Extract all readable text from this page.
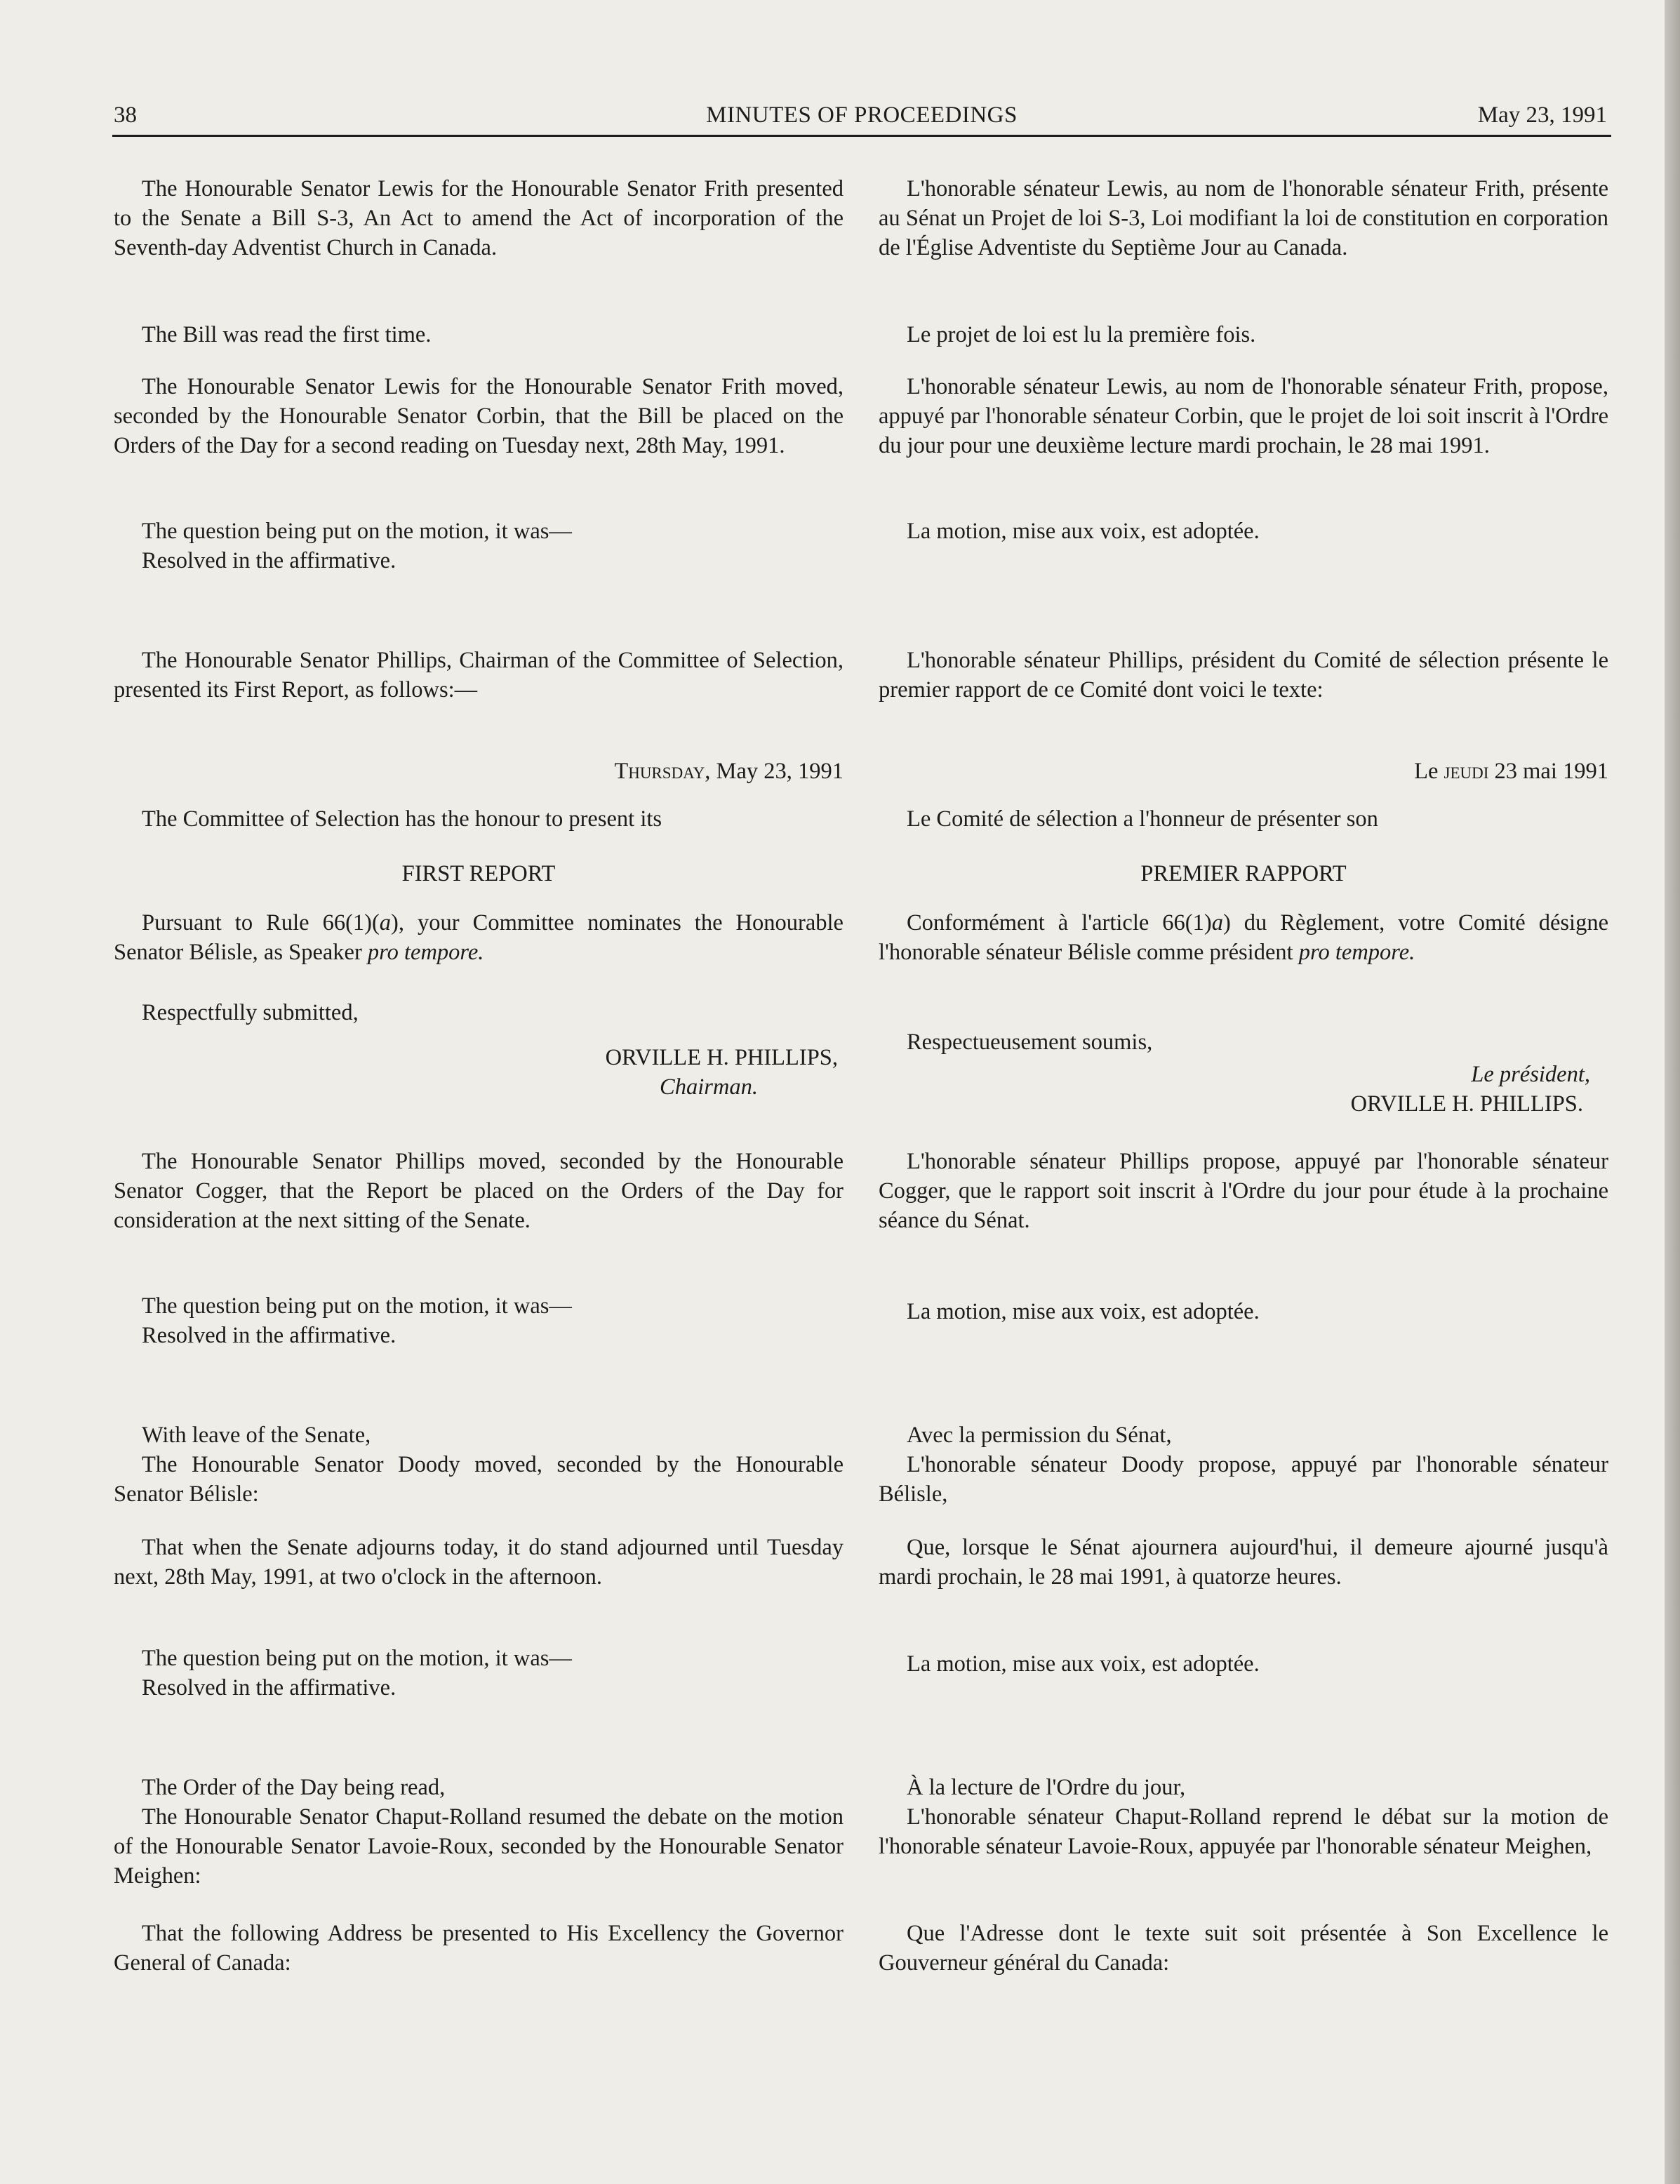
38	MINUTES OF PROCEEDINGS	May 23, 1991

The Honourable Senator Lewis for the Honourable Senator Frith presented to the Senate a Bill S-3, An Act to amend the Act of incorporation of the Seventh-day Adventist Church in Canada.

The Bill was read the first time.

The Honourable Senator Lewis for the Honourable Senator Frith moved, seconded by the Honourable Senator Corbin, that the Bill be placed on the Orders of the Day for a second reading on Tuesday next, 28th May, 1991.

The question being put on the motion, it was—

Resolved in the affirmative.

The Honourable Senator Phillips, Chairman of the Committee of Selection, presented its First Report, as follows:—

Thursday, May 23, 1991

The Committee of Selection has the honour to present its

FIRST REPORT

Pursuant to Rule 66(1)(a), your Committee nominates the Honourable Senator Bélisle, as Speaker pro tempore.

Respectfully submitted,

ORVILLE H. PHILLIPS,

Chairman.

The Honourable Senator Phillips moved, seconded by the Honourable Senator Cogger, that the Report be placed on the Orders of the Day for consideration at the next sitting of the Senate.

The question being put on the motion, it was—

Resolved in the affirmative.

With leave of the Senate,

The Honourable Senator Doody moved, seconded by the Honourable Senator Bélisle:

That when the Senate adjourns today, it do stand adjourned until Tuesday next, 28th May, 1991, at two o'clock in the afternoon.

The question being put on the motion, it was—

Resolved in the affirmative.

The Order of the Day being read,

The Honourable Senator Chaput-Rolland resumed the debate on the motion of the Honourable Senator Lavoie-Roux, seconded by the Honourable Senator Meighen:

That the following Address be presented to His Excellency the Governor General of Canada:

L'honorable sénateur Lewis, au nom de l'honorable sénateur Frith, présente au Sénat un Projet de loi S-3, Loi modifiant la loi de constitution en corporation de l'Église Adventiste du Septième Jour au Canada.

Le projet de loi est lu la première fois.

L'honorable sénateur Lewis, au nom de l'honorable sénateur Frith, propose, appuyé par l'honorable sénateur Corbin, que le projet de loi soit inscrit à l'Ordre du jour pour une deuxième lecture mardi prochain, le 28 mai 1991.

La motion, mise aux voix, est adoptée.

L'honorable sénateur Phillips, président du Comité de sélection présente le premier rapport de ce Comité dont voici le texte:

Le jeudi 23 mai 1991

Le Comité de sélection a l'honneur de présenter son

PREMIER RAPPORT

Conformément à l'article 66(1)a) du Règlement, votre Comité désigne l'honorable sénateur Bélisle comme président pro tempore.

Respectueusement soumis,

Le président,

ORVILLE H. PHILLIPS.

L'honorable sénateur Phillips propose, appuyé par l'honorable sénateur Cogger, que le rapport soit inscrit à l'Ordre du jour pour étude à la prochaine séance du Sénat.

La motion, mise aux voix, est adoptée.

Avec la permission du Sénat,

L'honorable sénateur Doody propose, appuyé par l'honorable sénateur Bélisle,

Que, lorsque le Sénat ajournera aujourd'hui, il demeure ajourné jusqu'à mardi prochain, le 28 mai 1991, à quatorze heures.

La motion, mise aux voix, est adoptée.

À la lecture de l'Ordre du jour,

L'honorable sénateur Chaput-Rolland reprend le débat sur la motion de l'honorable sénateur Lavoie-Roux, appuyée par l'honorable sénateur Meighen,

Que l'Adresse dont le texte suit soit présentée à Son Excellence le Gouverneur général du Canada:
